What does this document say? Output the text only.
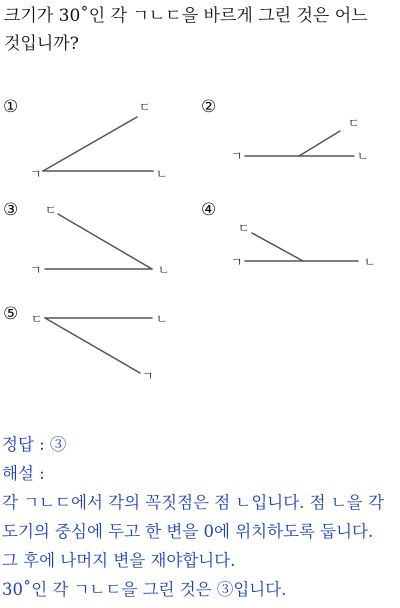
크기가 30˚인 각 ㄱㄴㄷ을 바르게 그린 것은 어느
것입니까?
①	ㄷ
ㄱ	ㄴ
②
ㄷ
ㄱ	ㄴ
③ ㄷ
ㄱ	ㄴ
④
ㄷ
ㄱ	ㄴ
⑤ ㄷ	ㄴ
ㄱ
정답 : ③
해설 :
각 ㄱㄴㄷ에서 각의 꼭짓점은 점 ㄴ입니다. 점 ㄴ을 각
도기의 중심에 두고 한 변을 0에 위치하도록 둡니다.
그 후에 나머지 변을 재야합니다.
30˚인 각 ㄱㄴㄷ을 그린 것은 ③입니다.
